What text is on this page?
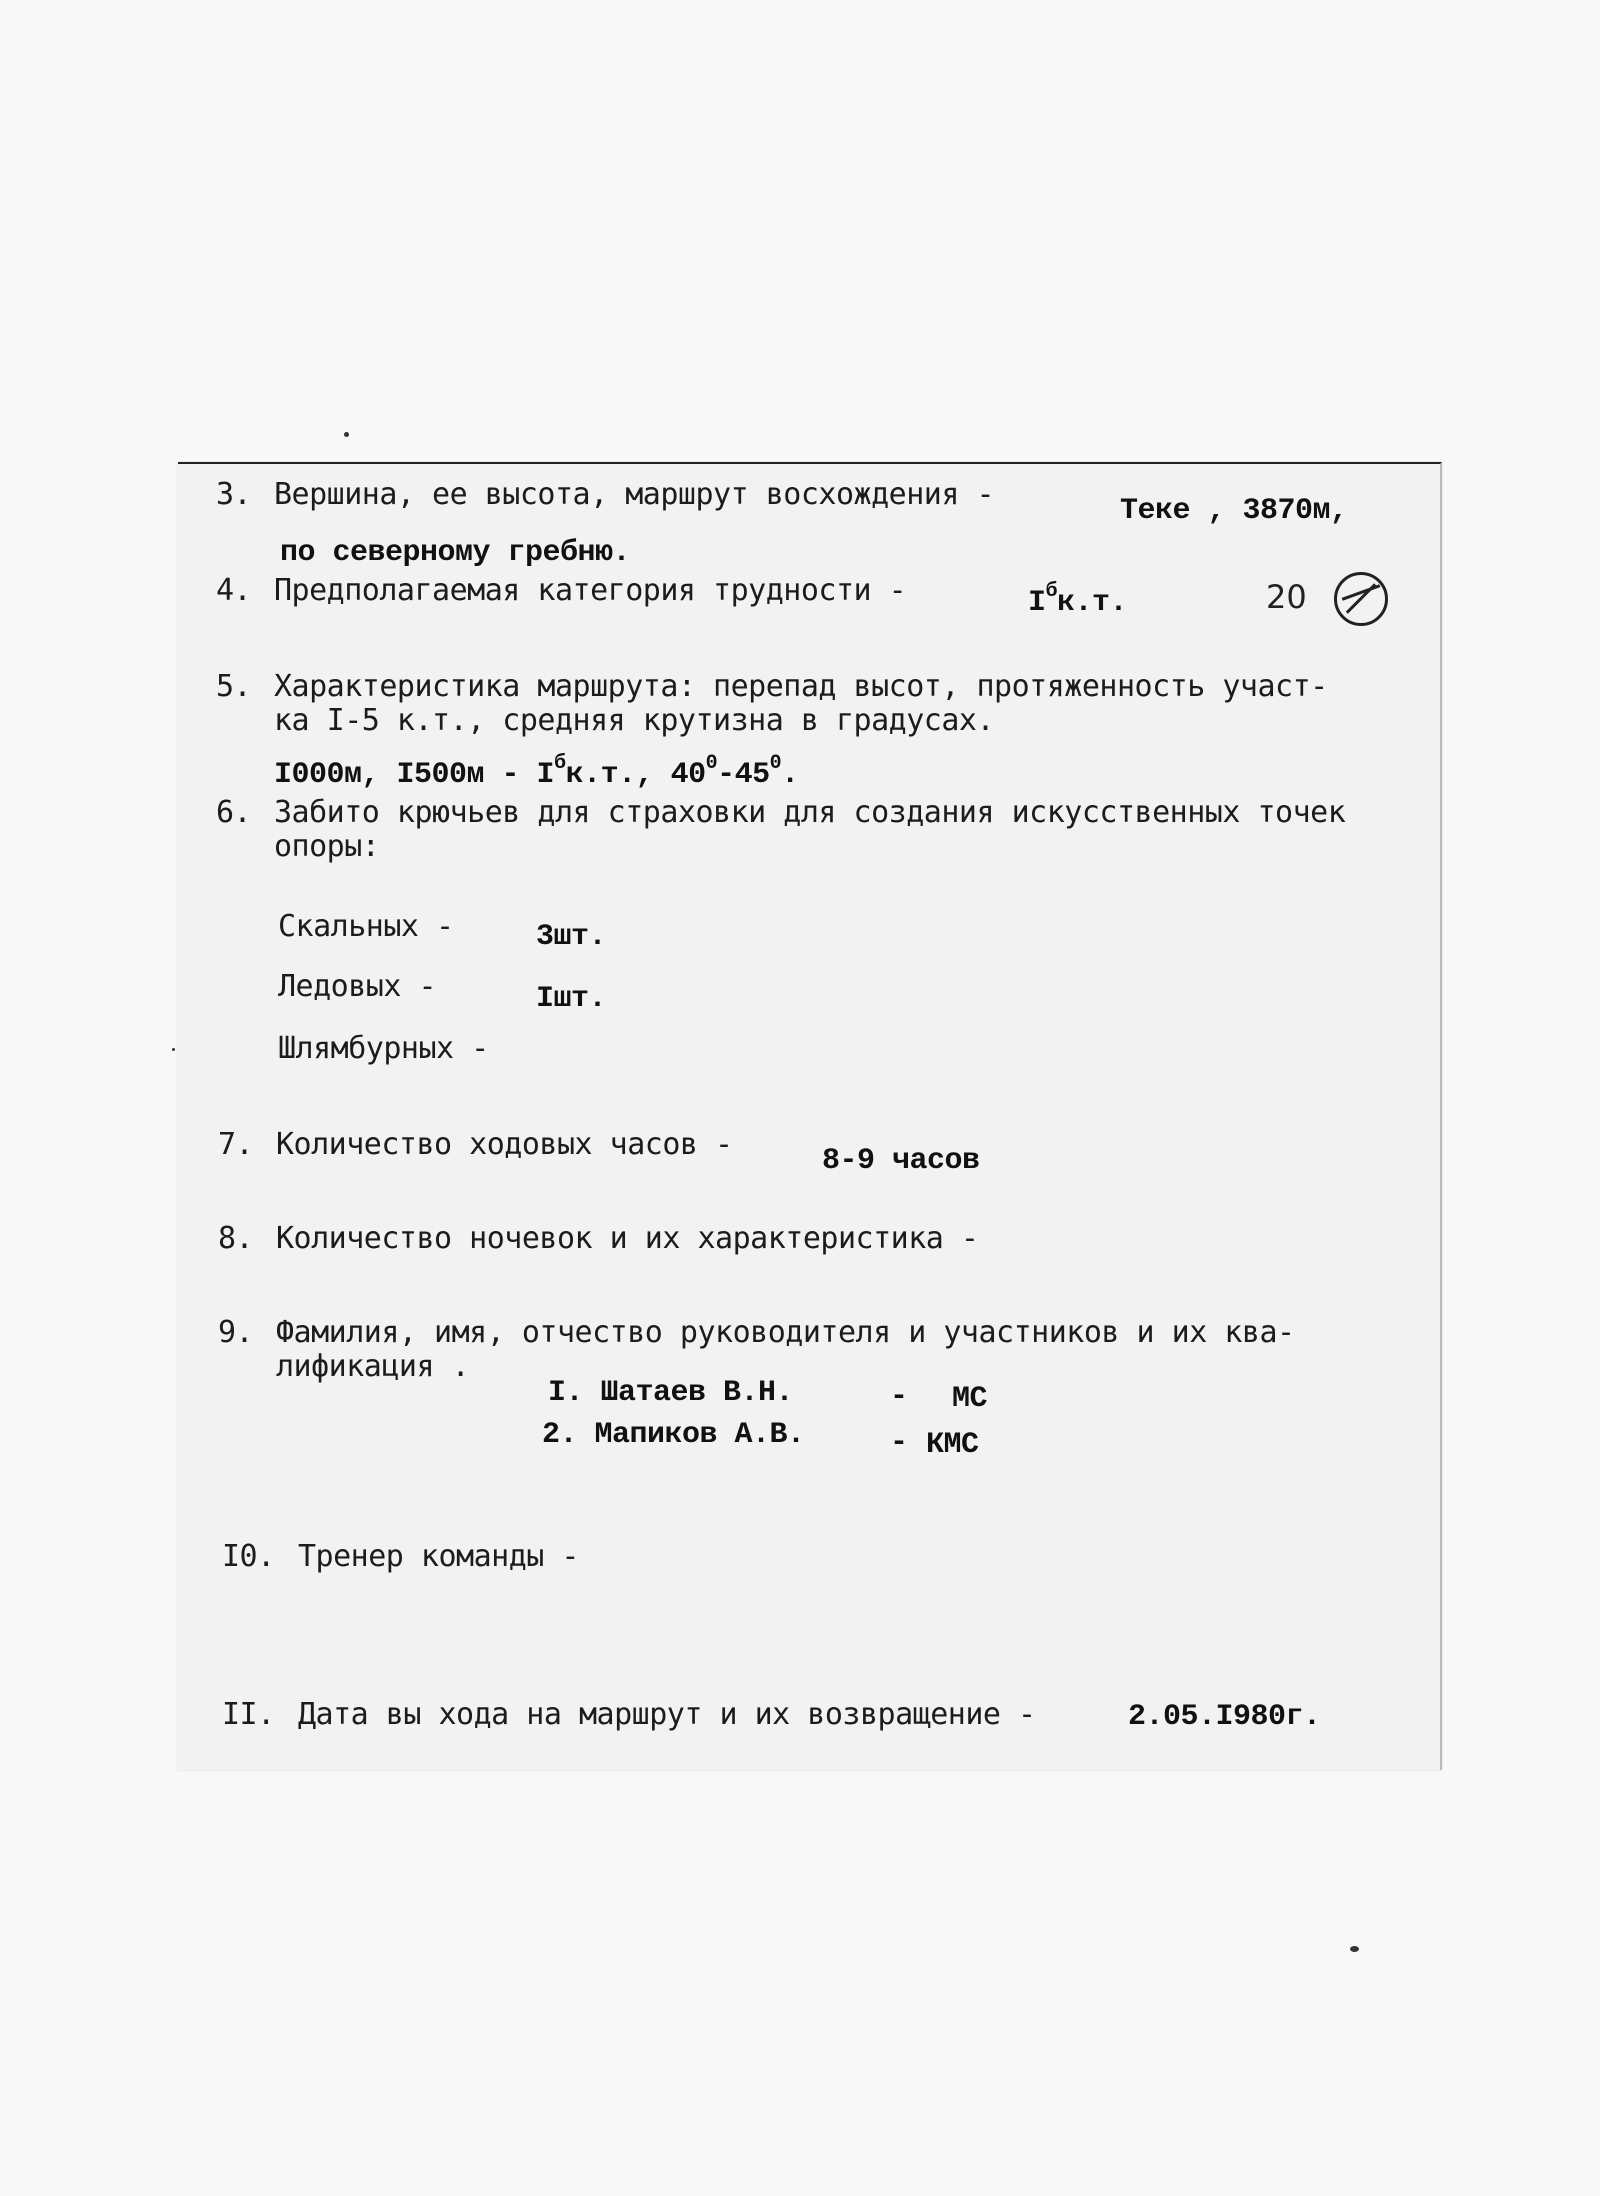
3. Вершина, ее высота, маршрут восхождения -	Теке , 3870м,
по северному гребню.
4. Предполагаемая категория трудности -	$I^бк.т$.	20
5. Характеристика маршрута: перепад высот, протяженность участ-
ка I-5 к.т., средняя крутизна в градусах.
I000м, $I500м - I^бк.т$., $40^0-45^0$.
6. Забито крючьев для страховки для создания искусственных точек
опоры:
Скальных -	3шт.
Ледовых -	Iшт.
Шлямбурных -
7. Количество ходовых часов -	8-9 часов
8. Количество ночевок и их характеристика -
9. Фамилия, имя, отчество руководителя и участников и их ква-
лификация .
I. Шатаев В.Н.	- МС
2. Мапиков А.В.	- КМС
I0. Тренер команды -
II. Дата вы хода на маршрут и их возвращение -	2.05.I980г.
